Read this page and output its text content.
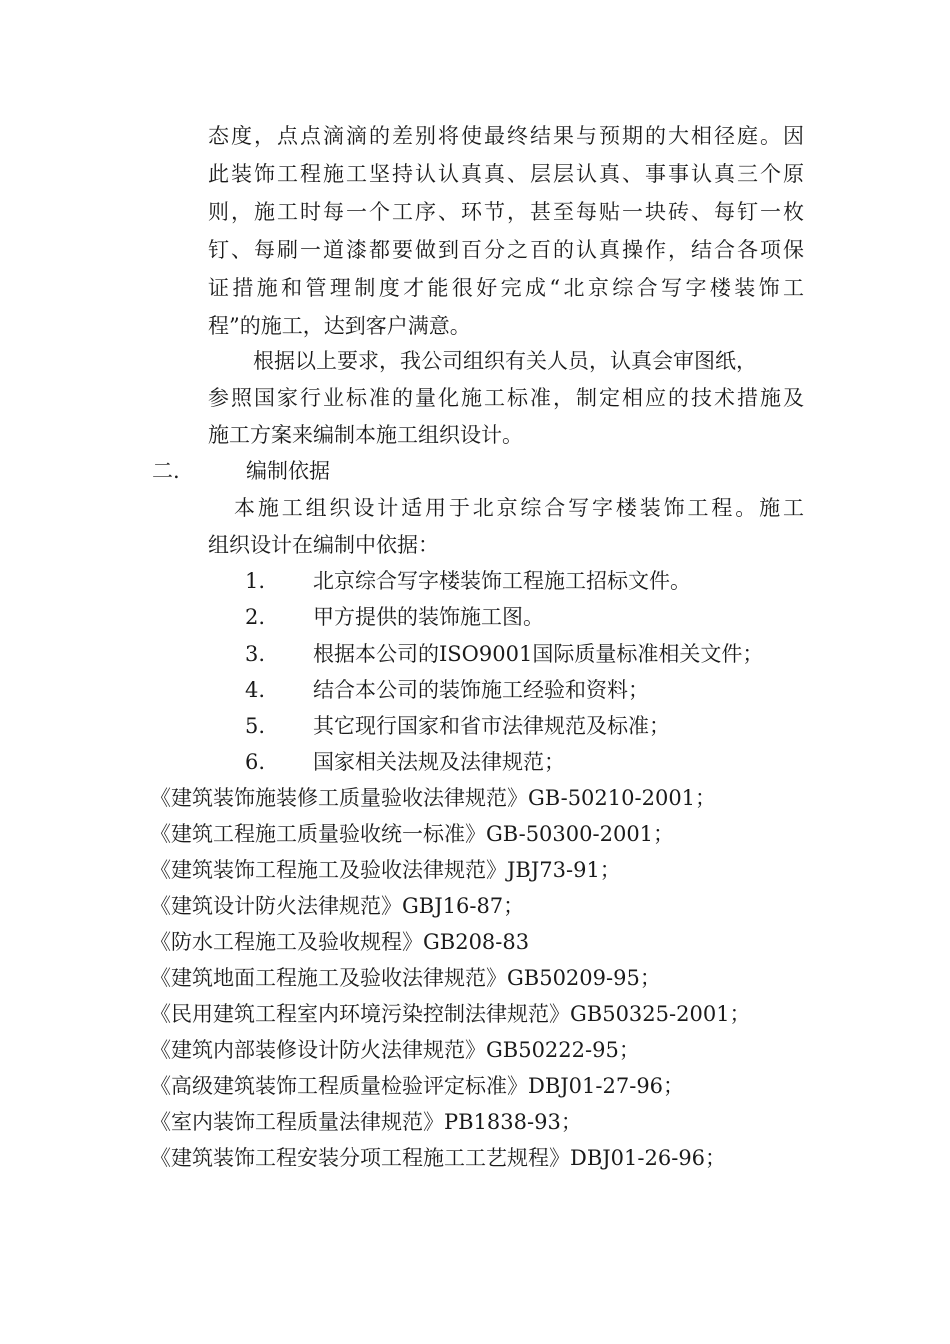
态度，点点滴滴的差别将使最终结果与预期的大相径庭。因
此装饰工程施工坚持认认真真、层层认真、事事认真三个原
则，施工时每一个工序、环节，甚至每贴一块砖、每钉一枚
钉、每刷一道漆都要做到百分之百的认真操作，结合各项保
证措施和管理制度才能很好完成“北京综合写字楼装饰工
程”的施工，达到客户满意。
根据以上要求，我公司组织有关人员，认真会审图纸，
参照国家行业标准的量化施工标准，制定相应的技术措施及
施工方案来编制本施工组织设计。
二.	编制依据
本施工组织设计适用于北京综合写字楼装饰工程。施工
组织设计在编制中依据：
1. 北京综合写字楼装饰工程施工招标文件。
2. 甲方提供的装饰施工图。
3. 根据本公司的ISO9001国际质量标准相关文件；
4. 结合本公司的装饰施工经验和资料；
5. 其它现行国家和省市法律规范及标准；
6. 国家相关法规及法律规范；
《建筑装饰施装修工质量验收法律规范》GB-50210-2001；
《建筑工程施工质量验收统一标准》GB-50300-2001；
《建筑装饰工程施工及验收法律规范》JBJ73-91；
《建筑设计防火法律规范》GBJ16-87；
《防水工程施工及验收规程》GB208-83
《建筑地面工程施工及验收法律规范》GB50209-95；
《民用建筑工程室内环境污染控制法律规范》GB50325-2001；
《建筑内部装修设计防火法律规范》GB50222-95；
《高级建筑装饰工程质量检验评定标准》DBJ01-27-96；
《室内装饰工程质量法律规范》PB1838-93；
《建筑装饰工程安装分项工程施工工艺规程》DBJ01-26-96；
